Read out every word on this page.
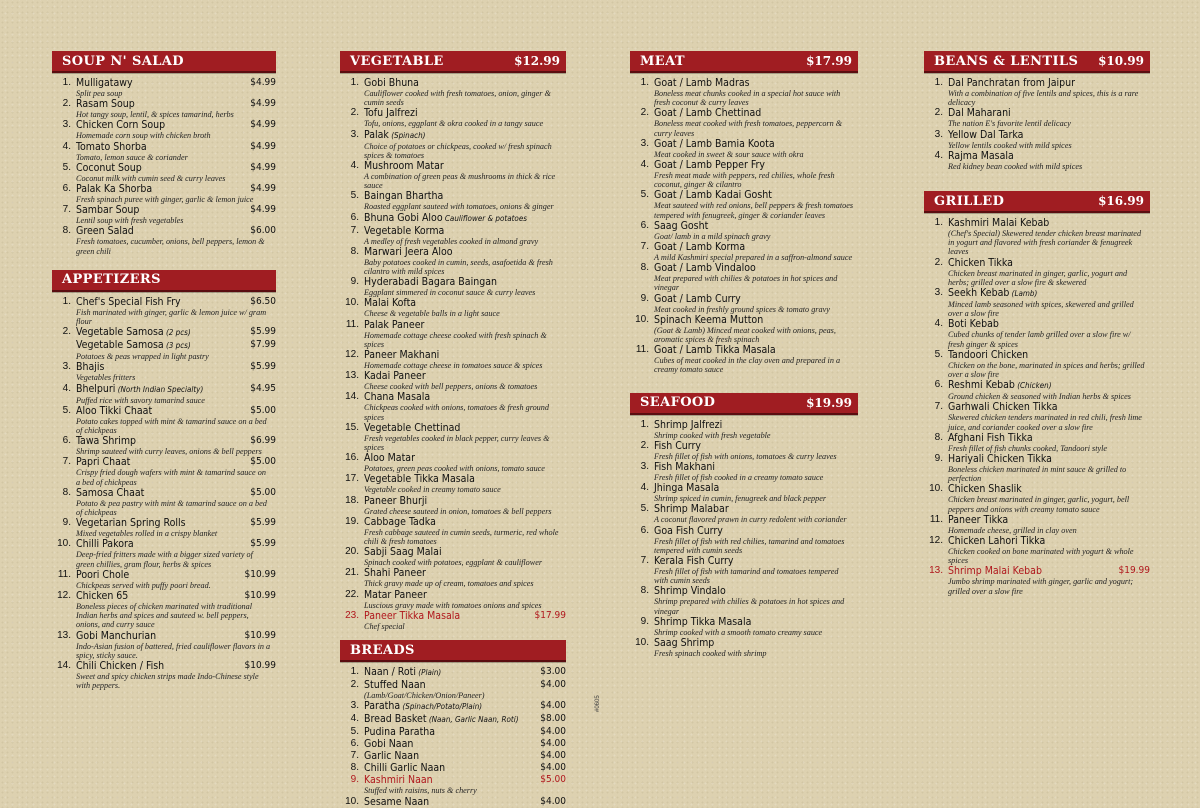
SOUP N' SALAD
1. Mulligatawy	$4.99
Split pea soup
2. Rasam Soup	$4.99
Hot tangy soup, lentil, & spices tamarind, herbs
3. Chicken Corn Soup	$4.99
Homemade corn soup with chicken broth
4. Tomato Shorba	$4.99
Tomato, lemon sauce & coriander
5. Coconut Soup	$4.99
Coconut milk with cumin seed & curry leaves
6. Palak Ka Shorba	$4.99
Fresh spinach puree with ginger, garlic & lemon juice
7. Sambar Soup	$4.99
Lentil soup with fresh vegetables
8. Green Salad	$6.00
Fresh tomatoes, cucumber, onions, bell peppers, lemon & green chili
APPETIZERS
1. Chef's Special Fish Fry	$6.50
Fish marinated with ginger, garlic & lemon juice w/ gram flour
2. Vegetable Samosa (2 pcs)	$5.99
Vegetable Samosa (3 pcs)	$7.99
Potatoes & peas wrapped in light pastry
3. Bhajis	$5.99
Vegetables fritters
4. Bhelpuri (North Indian Specialty)	$4.95
Puffed rice with savory tamarind sauce
5. Aloo Tikki Chaat	$5.00
Potato cakes topped with mint & tamarind sauce on a bed of chickpeas
6. Tawa Shrimp	$6.99
Shrimp sauteed with curry leaves, onions & bell peppers
7. Papri Chaat	$5.00
Crispy fried dough wafers with mint & tamarind sauce on a bed of chickpeas
8. Samosa Chaat	$5.00
Potato & pea pastry with mint & tamarind sauce on a bed of chickpeas
9. Vegetarian Spring Rolls	$5.99
Mixed vegetables rolled in a crispy blanket
10. Chilli Pakora	$5.99
Deep-fried fritters made with a bigger sized variety of green chillies, gram flour, herbs & spices
11. Poori Chole	$10.99
Chickpeas served with puffy poori bread.
12. Chicken 65	$10.99
Boneless pieces of chicken marinated with traditional Indian herbs and spices and sauteed w. bell peppers, onions, and curry sauce
13. Gobi Manchurian	$10.99
Indo-Asian fusion of battered, fried cauliflower flavors in a spicy, sticky sauce.
14. Chili Chicken / Fish	$10.99
Sweet and spicy chicken strips made Indo-Chinese style with peppers.
VEGETABLE	$12.99
1. Gobi Bhuna
Cauliflower cooked with fresh tomatoes, onion, ginger & cumin seeds
2. Tofu Jalfrezi
Tofu, onions, eggplant & okra cooked in a tangy sauce
3. Palak (Spinach)
Choice of potatoes or chickpeas, cooked w/ fresh spinach spices & tomatoes
4. Mushroom Matar
A combination of green peas & mushrooms in thick & rice sauce
5. Baingan Bhartha
Roasted eggplant sauteed with tomatoes, onions & ginger
6. Bhuna Gobi Aloo Cauliflower & potatoes
7. Vegetable Korma
A medley of fresh vegetables cooked in almond gravy
8. Marwari Jeera Aloo
Baby potatoes cooked in cumin, seeds, asafoetida & fresh cilantro with mild spices
9. Hyderabadi Bagara Baingan
Eggplant simmered in coconut sauce & curry leaves
10. Malai Kofta
Cheese & vegetable balls in a light sauce
11. Palak Paneer
Homemade cottage cheese cooked with fresh spinach & spices
12. Paneer Makhani
Homemade cottage cheese in tomatoes sauce & spices
13. Kadai Paneer
Cheese cooked with bell peppers, onions & tomatoes
14. Chana Masala
Chickpeas cooked with onions, tomatoes & fresh ground spices
15. Vegetable Chettinad
Fresh vegetables cooked in black pepper, curry leaves & spices
16. Aloo Matar
Potatoes, green peas cooked with onions, tomato sauce
17. Vegetable Tikka Masala
Vegetable cooked in creamy tomato sauce
18. Paneer Bhurji
Grated cheese sauteed in onion, tomatoes & bell peppers
19. Cabbage Tadka
Fresh cabbage sauteed in cumin seeds, turmeric, red whole chili & fresh tomatoes
20. Sabji Saag Malai
Spinach cooked with potatoes, eggplant & cauliflower
21. Shahi Paneer
Thick gravy made up of cream, tomatoes and spices
22. Matar Paneer
Luscious gravy made with tomatoes onions and spices
23. Paneer Tikka Masala	$17.99
Chef special
BREADS
1. Naan / Roti (Plain)	$3.00
2. Stuffed Naan	$4.00
(Lamb/Goat/Chicken/Onion/Paneer)
3. Paratha (Spinach/Potato/Plain)	$4.00
4. Bread Basket (Naan, Garlic Naan, Roti)	$8.00
5. Pudina Paratha	$4.00
6. Gobi Naan	$4.00
7. Garlic Naan	$4.00
8. Chilli Garlic Naan	$4.00
9. Kashmiri Naan	$5.00
Stuffed with raisins, nuts & cherry
10. Sesame Naan	$4.00
MEAT	$17.99
1. Goat / Lamb Madras
Boneless meat chunks cooked in a special hot sauce with fresh coconut & curry leaves
2. Goat / Lamb Chettinad
Boneless meat cooked with fresh tomatoes, peppercorn & curry leaves
3. Goat / Lamb Bamia Koota
Meat cooked in sweet & sour sauce with okra
4. Goat / Lamb Pepper Fry
Fresh meat made with peppers, red chilies, whole fresh coconut, ginger & cilantro
5. Goat / Lamb Kadai Gosht
Meat sauteed with red onions, bell peppers & fresh tomatoes tempered with fenugreek, ginger & coriander leaves
6. Saag Gosht
Goat/ lamb in a mild spinach gravy
7. Goat / Lamb Korma
A mild Kashmiri special prepared in a saffron-almond sauce
8. Goat / Lamb Vindaloo
Meat prepared with chilies & potatoes in hot spices and vinegar
9. Goat / Lamb Curry
Meat cooked in freshly ground spices & tomato gravy
10. Spinach Keema Mutton
(Goat & Lamb) Minced meat cooked with onions, peas, aromatic spices & fresh spinach
11. Goat / Lamb Tikka Masala
Cubes of meat cooked in the clay oven and prepared in a creamy tomato sauce
SEAFOOD	$19.99
1. Shrimp Jalfrezi
Shrimp cooked with fresh vegetable
2. Fish Curry
Fresh fillet of fish with onions, tomatoes & curry leaves
3. Fish Makhani
Fresh fillet of fish cooked in a creamy tomato sauce
4. Jhinga Masala
Shrimp spiced in cumin, fenugreek and black pepper
5. Shrimp Malabar
A coconut flavored prawn in curry redolent with coriander
6. Goa Fish Curry
Fresh fillet of fish with red chilies, tamarind and tomatoes tempered with cumin seeds
7. Kerala Fish Curry
Fresh fillet of fish with tamarind and tomatoes tempered with cumin seeds
8. Shrimp Vindalo
Shrimp prepared with chilies & potatoes in hot spices and vinegar
9. Shrimp Tikka Masala
Shrimp cooked with a smooth tomato creamy sauce
10. Saag Shrimp
Fresh spinach cooked with shrimp
BEANS & LENTILS $10.99
1. Dal Panchratan from Jaipur
With a combination of five lentils and spices, this is a rare delicacy
2. Dal Maharani
The nation E's favorite lentil delicacy
3. Yellow Dal Tarka
Yellow lentils cooked with mild spices
4. Rajma Masala
Red kidney bean cooked with mild spices
GRILLED	$16.99
1. Kashmiri Malai Kebab
(Chef's Special) Skewered tender chicken breast marinated in yogurt and flavored with fresh coriander & fenugreek leaves
2. Chicken Tikka
Chicken breast marinated in ginger, garlic, yogurt and herbs; grilled over a slow fire & skewered
3. Seekh Kebab (Lamb)
Minced lamb seasoned with spices, skewered and grilled over a slow fire
4. Boti Kebab
Cubed chunks of tender lamb grilled over a slow fire w/ fresh ginger & spices
5. Tandoori Chicken
Chicken on the bone, marinated in spices and herbs; grilled over a slow fire
6. Reshmi Kebab (Chicken)
Ground chicken & seasoned with Indian herbs & spices
7. Garhwali Chicken Tikka
Skewered chicken tenders marinated in red chili, fresh lime juice, and coriander cooked over a slow fire
8. Afghani Fish Tikka
Fresh fillet of fish chunks cooked, Tandoori style
9. Hariyali Chicken Tikka
Boneless chicken marinated in mint sauce & grilled to perfection
10. Chicken Shaslik
Chicken breast marinated in ginger, garlic, yogurt, bell peppers and onions with creamy tomato sauce
11. Paneer Tikka
Homemade cheese, grilled in clay oven
12. Chicken Lahori Tikka
Chicken cooked on bone marinated with yogurt & whole spices
13. Shrimp Malai Kebab	$19.99
Jumbo shrimp marinated with ginger, garlic and yogurt; grilled over a slow fire
#0605
